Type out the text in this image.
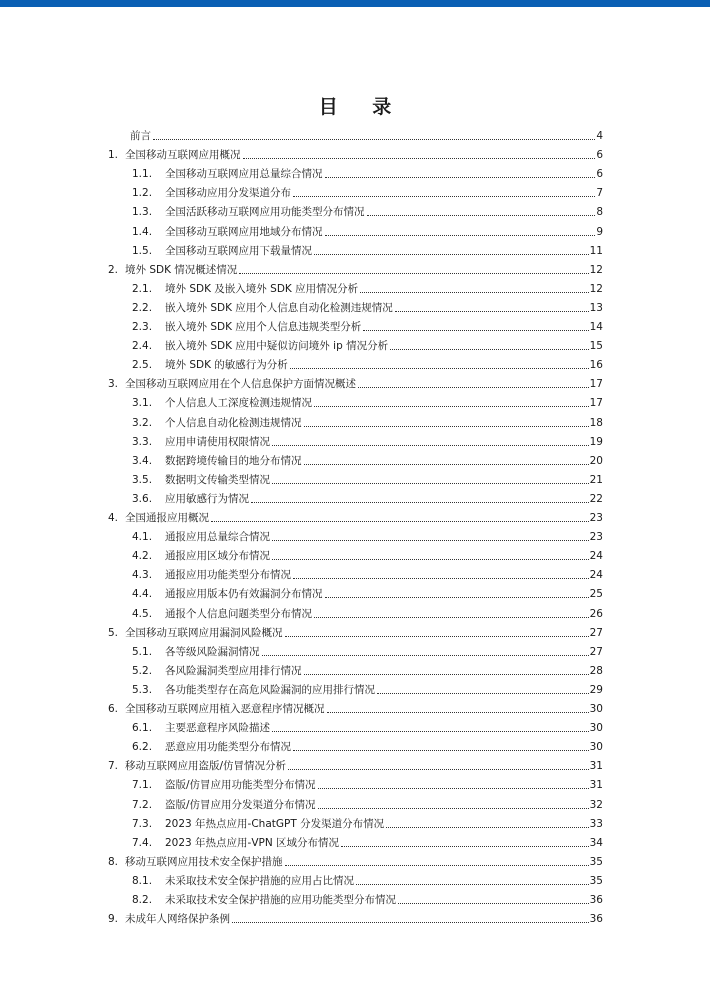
目 录
前言	4
1. 全国移动互联网应用概况	6
1.1.	全国移动互联网应用总量综合情况	6
1.2.	全国移动应用分发渠道分布	7
1.3.	全国活跃移动互联网应用功能类型分布情况	8
1.4.	全国移动互联网应用地域分布情况	9
1.5.	全国移动互联网应用下载量情况	11
2. 境外 SDK 情况概述情况	12
2.1.	境外 SDK 及嵌入境外 SDK 应用情况分析	12
2.2.	嵌入境外 SDK 应用个人信息自动化检测违规情况	13
2.3.	嵌入境外 SDK 应用个人信息违规类型分析	14
2.4.	嵌入境外 SDK 应用中疑似访问境外 ip 情况分析	15
2.5.	境外 SDK 的敏感行为分析	16
3. 全国移动互联网应用在个人信息保护方面情况概述	17
3.1.	个人信息人工深度检测违规情况	17
3.2.	个人信息自动化检测违规情况	18
3.3.	应用申请使用权限情况	19
3.4.	数据跨境传输目的地分布情况	20
3.5.	数据明文传输类型情况	21
3.6.	应用敏感行为情况	22
4. 全国通报应用概况	23
4.1.	通报应用总量综合情况	23
4.2.	通报应用区域分布情况	24
4.3.	通报应用功能类型分布情况	24
4.4.	通报应用版本仍有效漏洞分布情况	25
4.5.	通报个人信息问题类型分布情况	26
5. 全国移动互联网应用漏洞风险概况	27
5.1.	各等级风险漏洞情况	27
5.2.	各风险漏洞类型应用排行情况	28
5.3.	各功能类型存在高危风险漏洞的应用排行情况	29
6. 全国移动互联网应用植入恶意程序情况概况	30
6.1.	主要恶意程序风险描述	30
6.2.	恶意应用功能类型分布情况	30
7. 移动互联网应用盗版/仿冒情况分析	31
7.1.	盗版/仿冒应用功能类型分布情况	31
7.2.	盗版/仿冒应用分发渠道分布情况	32
7.3.	2023 年热点应用-ChatGPT 分发渠道分布情况	33
7.4.	2023 年热点应用-VPN 区域分布情况	34
8. 移动互联网应用技术安全保护措施	35
8.1.	未采取技术安全保护措施的应用占比情况	35
8.2.	未采取技术安全保护措施的应用功能类型分布情况	36
9. 未成年人网络保护条例	36
